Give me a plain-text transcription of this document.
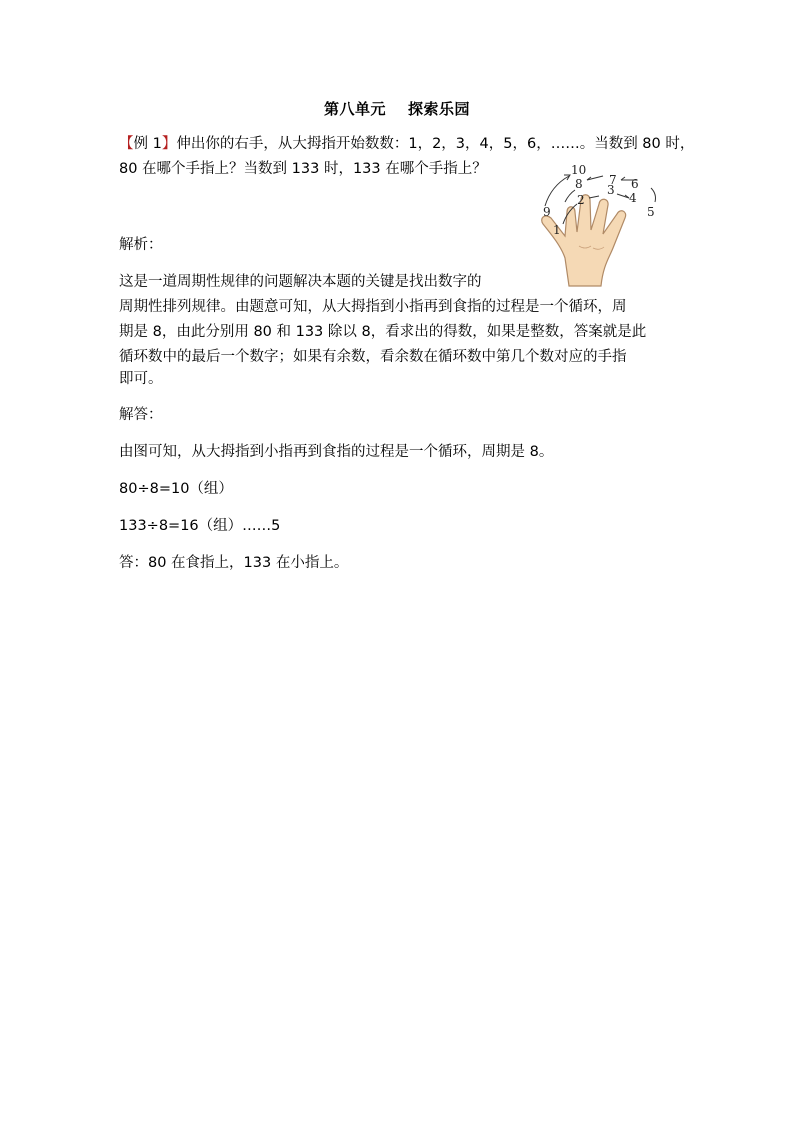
第八单元 探索乐园
【例 1】伸出你的右手，从大拇指开始数数：1，2，3，4，5，6，……。当数到 80 时，
80 在哪个手指上？当数到 133 时，133 在哪个手指上？
9
1
2
3
4
5
6
7
8
10
解析：
这是一道周期性规律的问题解决本题的关键是找出数字的
周期性排列规律。由题意可知，从大拇指到小指再到食指的过程是一个循环，周
期是 8，由此分别用 80 和 133 除以 8，看求出的得数，如果是整数，答案就是此
循环数中的最后一个数字；如果有余数，看余数在循环数中第几个数对应的手指
即可。
解答：
由图可知，从大拇指到小指再到食指的过程是一个循环，周期是 8。
80÷8=10（组）
133÷8=16（组）……5
答：80 在食指上，133 在小指上。
